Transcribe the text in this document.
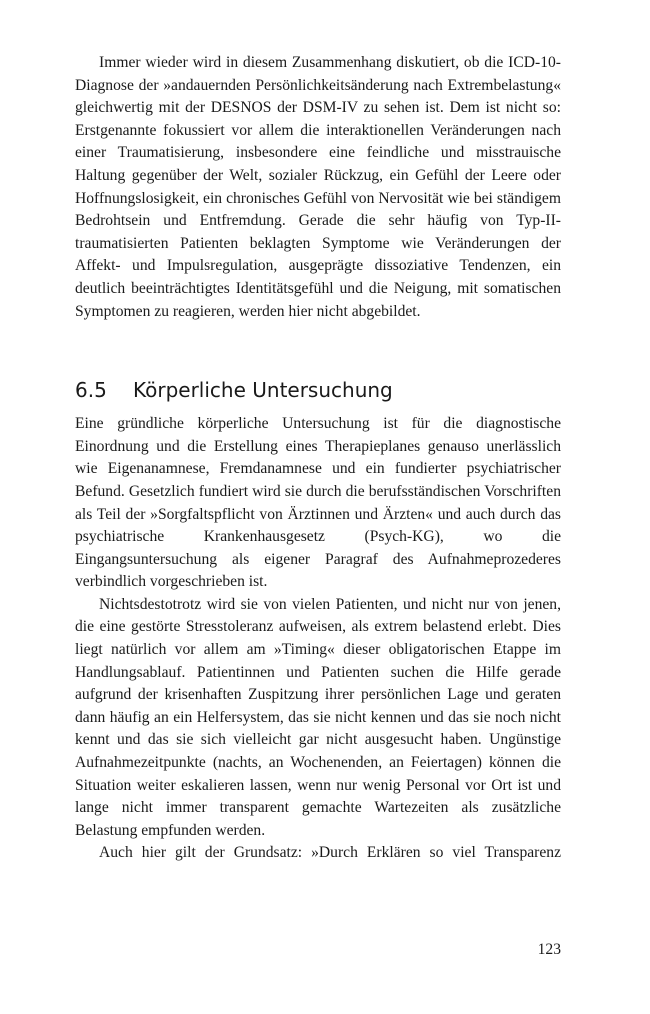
Immer wieder wird in diesem Zusammenhang diskutiert, ob die ICD-10-Diagnose der »andauernden Persönlichkeitsänderung nach Extrembelastung« gleichwertig mit der DESNOS der DSM-IV zu sehen ist. Dem ist nicht so: Erstgenannte fokussiert vor allem die interaktionellen Veränderungen nach einer Traumatisierung, insbesondere eine feindliche und misstrauische Haltung gegenüber der Welt, sozialer Rückzug, ein Gefühl der Leere oder Hoffnungslosigkeit, ein chronisches Gefühl von Nervosität wie bei ständigem Bedrohtsein und Entfremdung. Gerade die sehr häufig von Typ-II-traumatisierten Patienten beklagten Symptome wie Veränderungen der Affekt- und Impulsregulation, ausgeprägte dissoziative Tendenzen, ein deutlich beeinträchtigtes Identitätsgefühl und die Neigung, mit somatischen Symptomen zu reagieren, werden hier nicht abgebildet.

6.5	Körperliche Untersuchung

Eine gründliche körperliche Untersuchung ist für die diagnostische Einordnung und die Erstellung eines Therapieplanes genauso unerlässlich wie Eigenanamnese, Fremdanamnese und ein fundierter psychiatrischer Befund. Gesetzlich fundiert wird sie durch die berufsständischen Vorschriften als Teil der »Sorgfaltspflicht von Ärztinnen und Ärzten« und auch durch das psychiatrische Krankenhausgesetz (Psych-KG), wo die Eingangsuntersuchung als eigener Paragraf des Aufnahmeprozederes verbindlich vorgeschrieben ist.

Nichtsdestotrotz wird sie von vielen Patienten, und nicht nur von jenen, die eine gestörte Stresstoleranz aufweisen, als extrem belastend erlebt. Dies liegt natürlich vor allem am »Timing« dieser obligatorischen Etappe im Handlungsablauf. Patientinnen und Patienten suchen die Hilfe gerade aufgrund der krisenhaften Zuspitzung ihrer persönlichen Lage und geraten dann häufig an ein Helfersystem, das sie nicht kennen und das sie noch nicht kennt und das sie sich vielleicht gar nicht ausgesucht haben. Ungünstige Aufnahmezeitpunkte (nachts, an Wochenenden, an Feiertagen) können die Situation weiter eskalieren lassen, wenn nur wenig Personal vor Ort ist und lange nicht immer transparent gemachte Wartezeiten als zusätzliche Belastung empfunden werden.

Auch hier gilt der Grundsatz: »Durch Erklären so viel Transparenz

123
